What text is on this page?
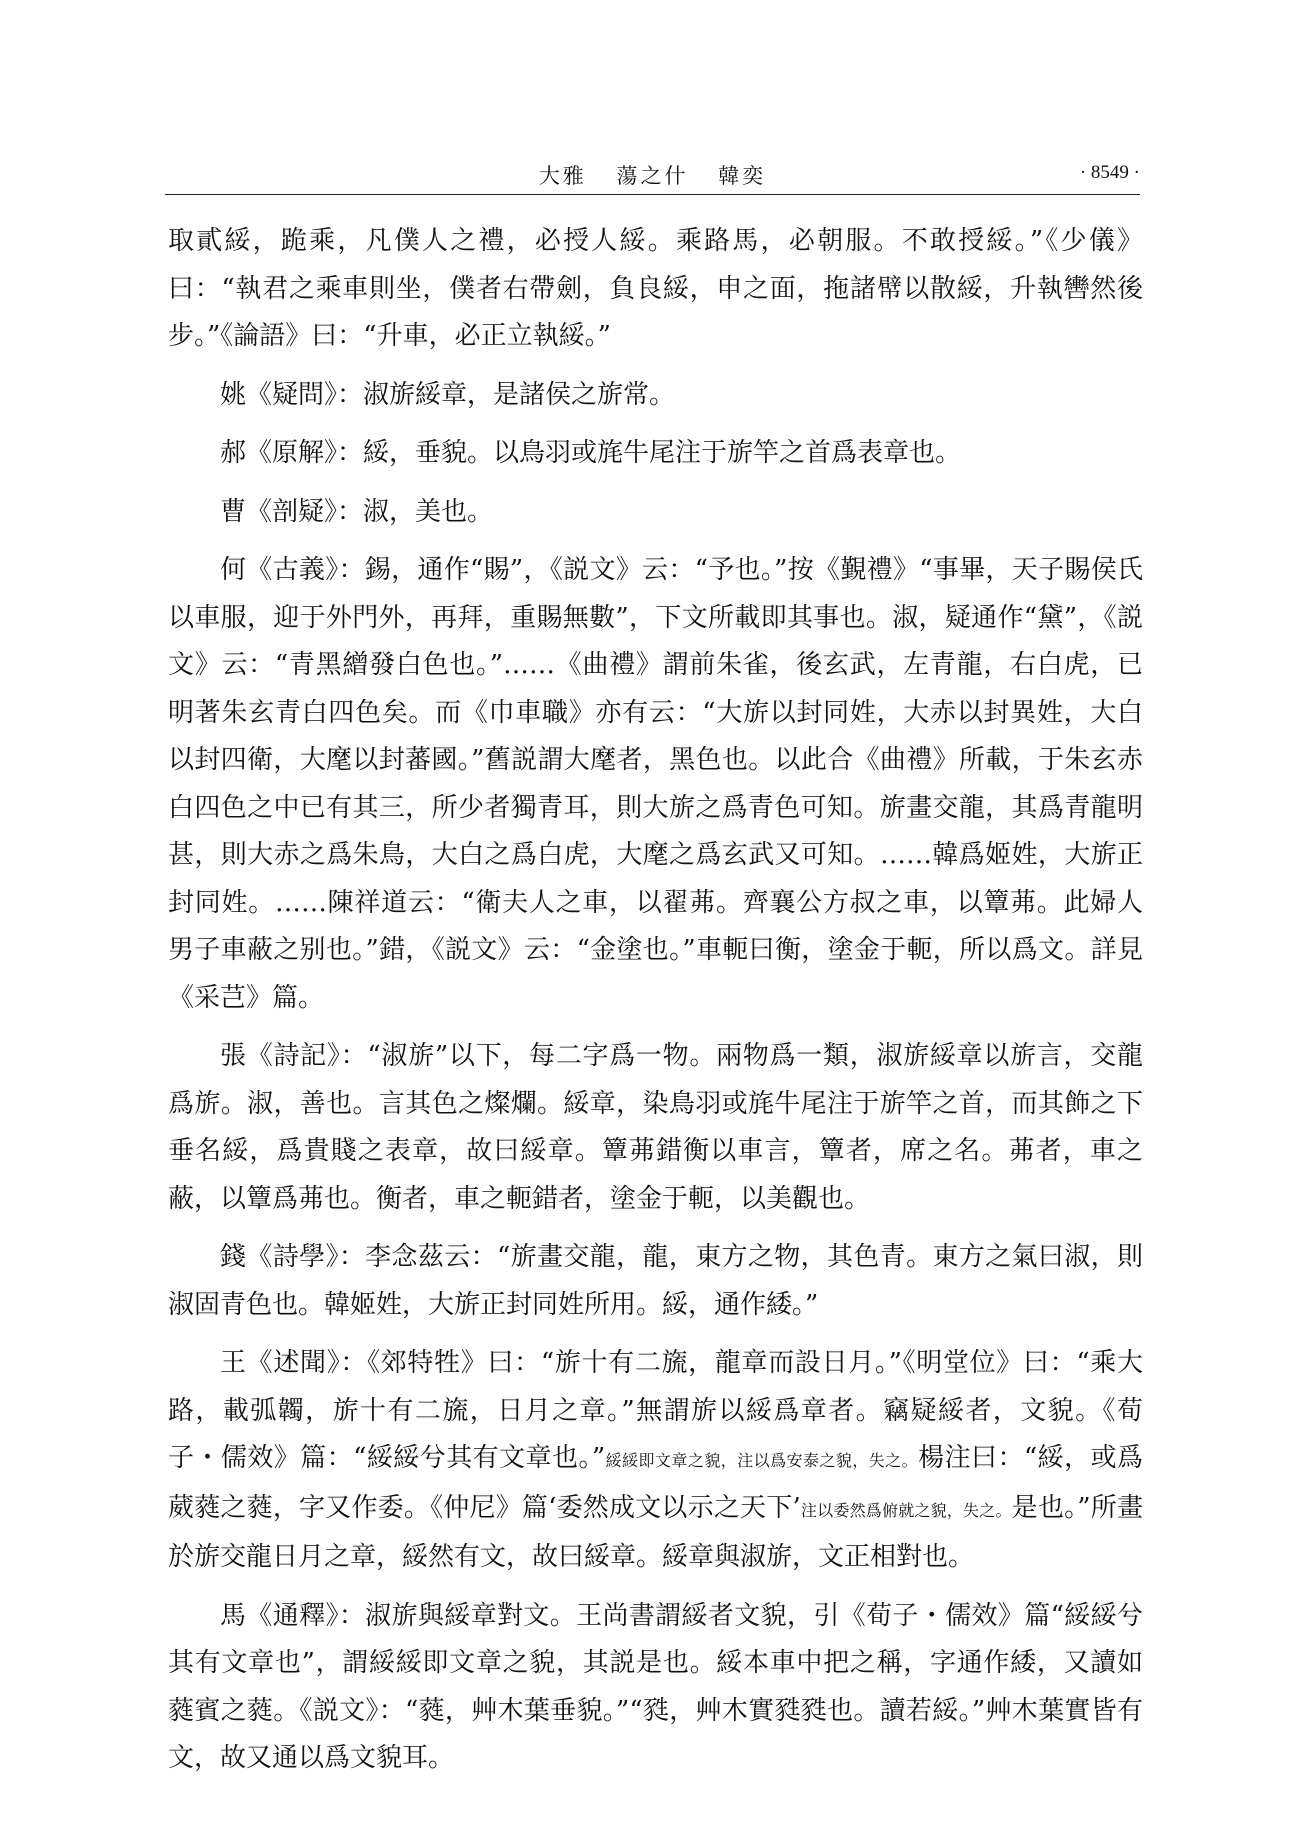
大雅 蕩之什 韓奕	· 8549 ·

取貳綏，跪乘，凡僕人之禮，必授人綏。乘路馬，必朝服。不敢授綏。”《少儀》曰：“執君之乘車則坐，僕者右帶劍，負良綏，申之面，拖諸幦以散綏，升執轡然後步。”《論語》曰：“升車，必正立執綏。”

姚《疑問》：淑旂綏章，是諸侯之旂常。

郝《原解》：綏，垂貌。以鳥羽或旄牛尾注于旂竿之首爲表章也。

曹《剖疑》：淑，美也。

何《古義》：錫，通作“賜”，《説文》云：“予也。”按《覲禮》“事畢，天子賜侯氏以車服，迎于外門外，再拜，重賜無數”，下文所載即其事也。淑，疑通作“黛”，《説文》云：“青黑繒發白色也。”……《曲禮》謂前朱雀，後玄武，左青龍，右白虎，已明著朱玄青白四色矣。而《巾車職》亦有云：“大旂以封同姓，大赤以封異姓，大白以封四衛，大麾以封蕃國。”舊説謂大麾者，黑色也。以此合《曲禮》所載，于朱玄赤白四色之中已有其三，所少者獨青耳，則大旂之爲青色可知。旂畫交龍，其爲青龍明甚，則大赤之爲朱鳥，大白之爲白虎，大麾之爲玄武又可知。……韓爲姬姓，大旂正封同姓。……陳祥道云：“衛夫人之車，以翟茀。齊襄公方叔之車，以簟茀。此婦人男子車蔽之别也。”錯，《説文》云：“金塗也。”車軛曰衡，塗金于軛，所以爲文。詳見《采芑》篇。

張《詩記》：“淑旂”以下，每二字爲一物。兩物爲一類，淑旂綏章以旂言，交龍爲旂。淑，善也。言其色之燦爛。綏章，染鳥羽或旄牛尾注于旂竿之首，而其飾之下垂名綏，爲貴賤之表章，故曰綏章。簟茀錯衡以車言，簟者，席之名。茀者，車之蔽，以簟爲茀也。衡者，車之軛錯者，塗金于軛，以美觀也。

錢《詩學》：李念茲云：“旂畫交龍，龍，東方之物，其色青。東方之氣曰淑，則淑固青色也。韓姬姓，大旂正封同姓所用。綏，通作緌。”

王《述聞》：《郊特牲》曰：“旂十有二旒，龍章而設日月。”《明堂位》曰：“乘大路，載弧韣，旂十有二旒，日月之章。”無謂旂以綏爲章者。竊疑綏者，文貌。《荀子・儒效》篇：“綏綏兮其有文章也。”綏綏即文章之貌，注以爲安泰之貌，失之。楊注曰：“綏，或爲葳蕤之蕤，字又作委。《仲尼》篇‘委然成文以示之天下’注以委然爲俯就之貌，失之。是也。”所畫於旂交龍日月之章，綏然有文，故曰綏章。綏章與淑旂，文正相對也。

馬《通釋》：淑旂與綏章對文。王尚書謂綏者文貌，引《荀子・儒效》篇“綏綏兮其有文章也”，謂綏綏即文章之貌，其説是也。綏本車中把之稱，字通作緌，又讀如蕤賓之蕤。《説文》：“蕤，艸木葉垂貌。”“甤，艸木實甤甤也。讀若綏。”艸木葉實皆有文，故又通以爲文貌耳。
